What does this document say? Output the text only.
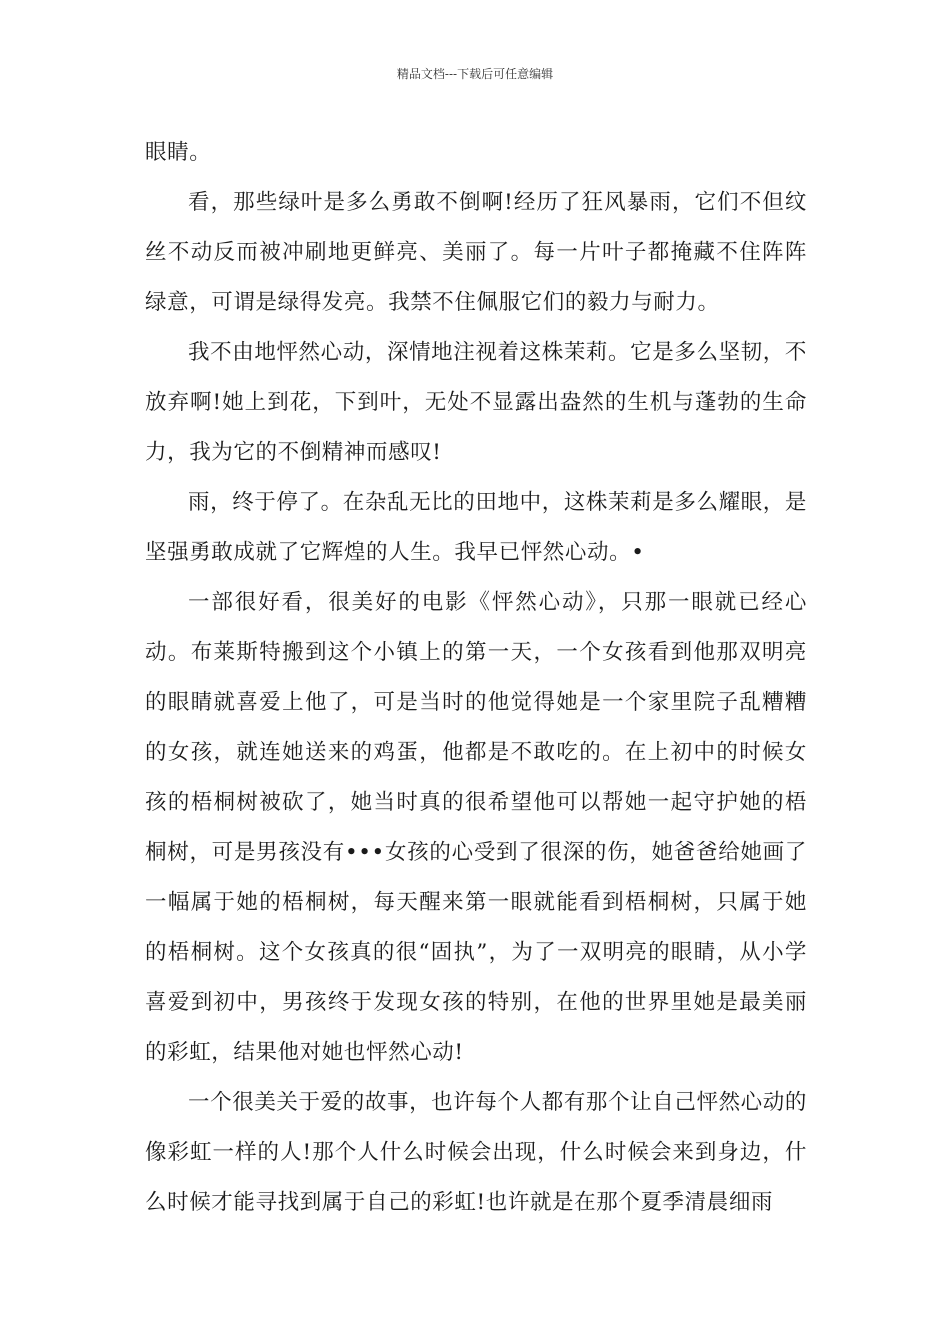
精品文档---下载后可任意编辑

眼睛。

看，那些绿叶是多么勇敢不倒啊!经历了狂风暴雨，它们不但纹丝不动反而被冲刷地更鲜亮、美丽了。每一片叶子都掩藏不住阵阵绿意，可谓是绿得发亮。我禁不住佩服它们的毅力与耐力。

我不由地怦然心动，深情地注视着这株茉莉。它是多么坚韧，不放弃啊!她上到花，下到叶，无处不显露出盎然的生机与蓬勃的生命力，我为它的不倒精神而感叹!

雨，终于停了。在杂乱无比的田地中，这株茉莉是多么耀眼，是坚强勇敢成就了它辉煌的人生。我早已怦然心动。•

一部很好看，很美好的电影《怦然心动》，只那一眼就已经心动。布莱斯特搬到这个小镇上的第一天，一个女孩看到他那双明亮的眼睛就喜爱上他了，可是当时的他觉得她是一个家里院子乱糟糟的女孩，就连她送来的鸡蛋，他都是不敢吃的。在上初中的时候女孩的梧桐树被砍了，她当时真的很希望他可以帮她一起守护她的梧桐树，可是男孩没有•••女孩的心受到了很深的伤，她爸爸给她画了一幅属于她的梧桐树，每天醒来第一眼就能看到梧桐树，只属于她的梧桐树。这个女孩真的很“固执”，为了一双明亮的眼睛，从小学喜爱到初中，男孩终于发现女孩的特别，在他的世界里她是最美丽的彩虹，结果他对她也怦然心动!

一个很美关于爱的故事，也许每个人都有那个让自己怦然心动的像彩虹一样的人!那个人什么时候会出现，什么时候会来到身边，什么时候才能寻找到属于自己的彩虹!也许就是在那个夏季清晨细雨
